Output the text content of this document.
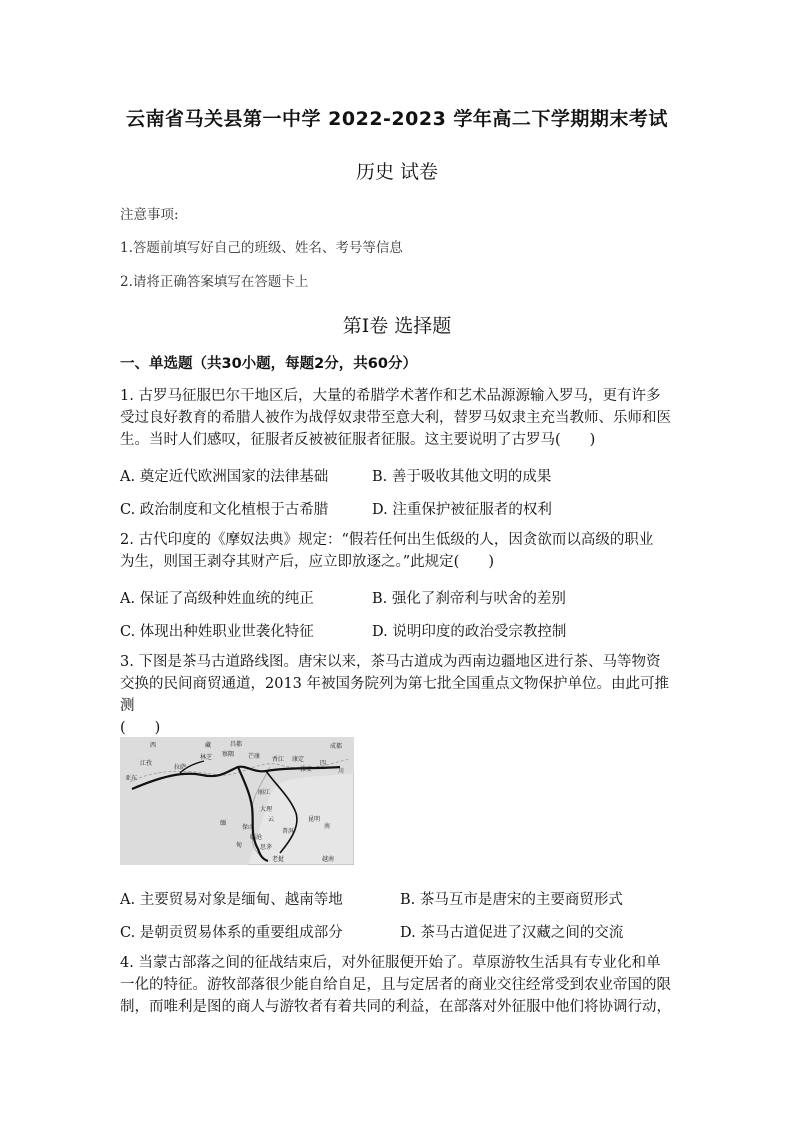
云南省马关县第一中学 2022-2023 学年高二下学期期末考试
历史 试卷
注意事项:
1.答题前填写好自己的班级、姓名、考号等信息
2.请将正确答案填写在答题卡上
第Ⅰ卷 选择题
一、单选题（共30小题，每题2分，共60分）
1. 古罗马征服巴尔干地区后，大量的希腊学术著作和艺术品源源输入罗马，更有许多
受过良好教育的希腊人被作为战俘奴隶带至意大利，替罗马奴隶主充当教师、乐师和医
生。当时人们感叹，征服者反被被征服者征服。这主要说明了古罗马(　　)
A. 奠定近代欧洲国家的法律基础	B. 善于吸收其他文明的成果
C. 政治制度和文化植根于古希腊	D. 注重保护被征服者的权利
2. 古代印度的《摩奴法典》规定：“假若任何出生低级的人，因贪欲而以高级的职业
为生，则国王剥夺其财产后，应立即放逐之。”此规定(　　)
A. 保证了高级种姓血统的纯正	B. 强化了刹帝利与吠舍的差别
C. 体现出种姓职业世袭化特征	D. 说明印度的政治受宗教控制
3. 下图是茶马古道路线图。唐宋以来，茶马古道成为西南边疆地区进行茶、马等物资
交换的民间商贸通道，2013 年被国务院列为第七批全国重点文物保护单位。由此可推测
(　　)
西	藏	昌都	成都
拉萨
林芝 察隅
江孜
亚东
芒康 香江 康定
雅安	川
四
丽江
大理
保山
昆明
南
云
临沧
普洱
思茅
老挝	越南
缅
甸
A. 主要贸易对象是缅甸、越南等地	B. 茶马互市是唐宋的主要商贸形式
C. 是朝贡贸易体系的重要组成部分	D. 茶马古道促进了汉藏之间的交流
4. 当蒙古部落之间的征战结束后，对外征服便开始了。草原游牧生活具有专业化和单
一化的特征。游牧部落很少能自给自足，且与定居者的商业交往经常受到农业帝国的限
制，而唯利是图的商人与游牧者有着共同的利益，在部落对外征服中他们将协调行动，
